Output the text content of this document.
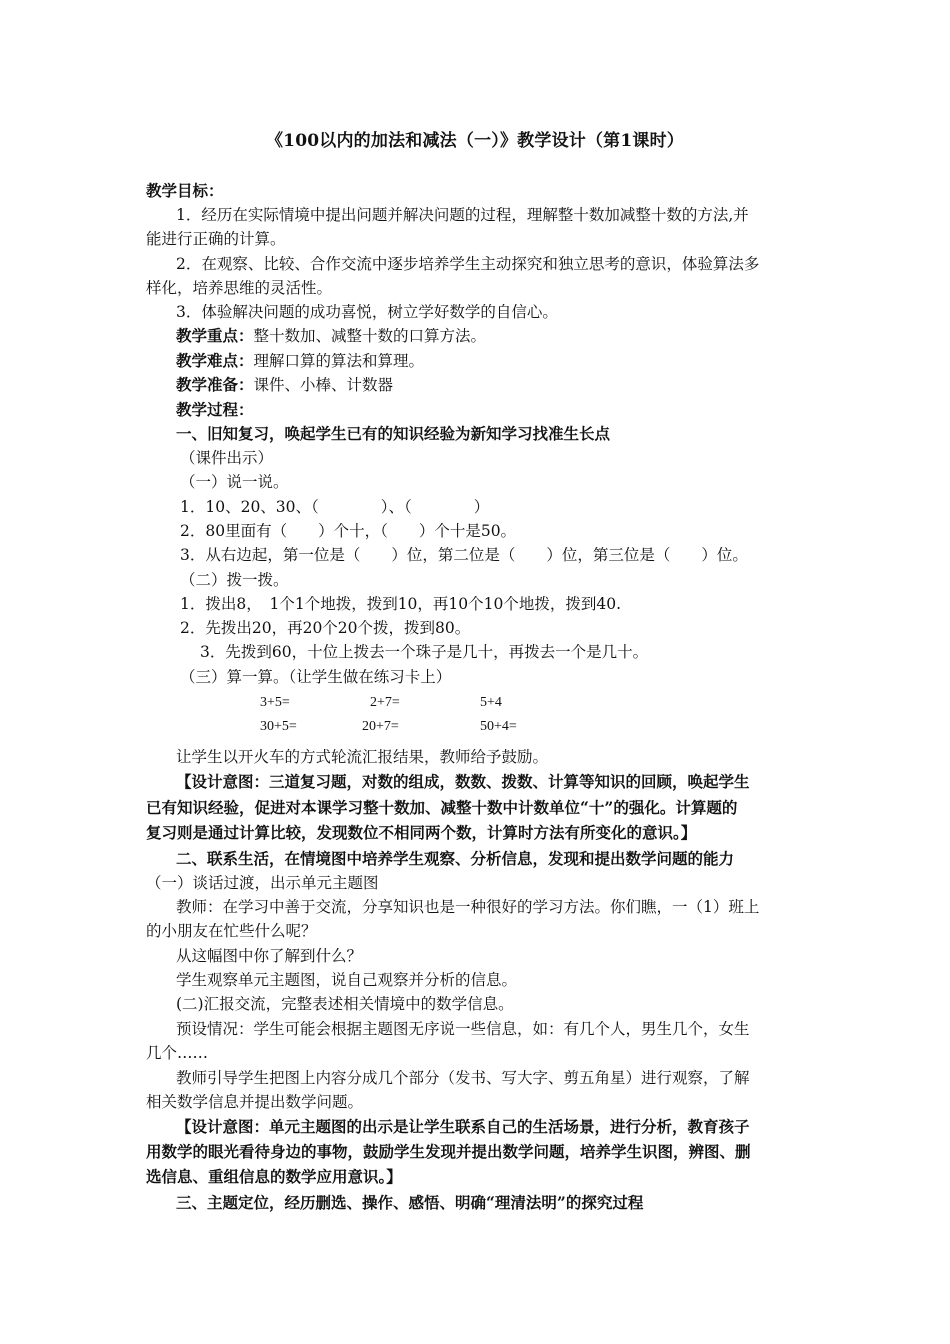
《100以内的加法和减法（一）》教学设计（第1课时）
教学目标：
1．经历在实际情境中提出问题并解决问题的过程，理解整十数加减整十数的方法,并
能进行正确的计算。
2．在观察、比较、合作交流中逐步培养学生主动探究和独立思考的意识，体验算法多
样化，培养思维的灵活性。
3．体验解决问题的成功喜悦，树立学好数学的自信心。
教学重点：整十数加、减整十数的口算方法。
教学难点：理解口算的算法和算理。
教学准备：课件、小棒、计数器
教学过程：
一、旧知复习，唤起学生已有的知识经验为新知学习找准生长点
（课件出示）
（一）说一说。
1．10、20、30、（　　　　）、（　　　　）
2．80里面有（　　）个十，（　　）个十是50。
3．从右边起，第一位是（　　）位，第二位是（　　）位，第三位是（　　）位。
（二）拨一拨。
1．拨出8，　1个1个地拨，拨到10，再10个10个地拨，拨到40.
2．先拨出20，再20个20个拨，拨到80。
3．先拨到60，十位上拨去一个珠子是几十，再拨去一个是几十。
（三）算一算。（让学生做在练习卡上）
3+5=	2+7=	5+4
30+5=	20+7=	50+4=
让学生以开火车的方式轮流汇报结果，教师给予鼓励。
【设计意图：三道复习题，对数的组成，数数、拨数、计算等知识的回顾，唤起学生
已有知识经验，促进对本课学习整十数加、减整十数中计数单位“十”的强化。计算题的
复习则是通过计算比较，发现数位不相同两个数，计算时方法有所变化的意识。】
二、联系生活，在情境图中培养学生观察、分析信息，发现和提出数学问题的能力
（一）谈话过渡，出示单元主题图
教师：在学习中善于交流，分享知识也是一种很好的学习方法。你们瞧，一（1）班上
的小朋友在忙些什么呢？
从这幅图中你了解到什么？
学生观察单元主题图，说自己观察并分析的信息。
(二)汇报交流，完整表述相关情境中的数学信息。
预设情况：学生可能会根据主题图无序说一些信息，如：有几个人，男生几个，女生
几个……
教师引导学生把图上内容分成几个部分（发书、写大字、剪五角星）进行观察，了解
相关数学信息并提出数学问题。
【设计意图：单元主题图的出示是让学生联系自己的生活场景，进行分析，教育孩子
用数学的眼光看待身边的事物，鼓励学生发现并提出数学问题，培养学生识图，辨图、删
选信息、重组信息的数学应用意识。】
三、主题定位，经历删选、操作、感悟、明确“理清法明”的探究过程
